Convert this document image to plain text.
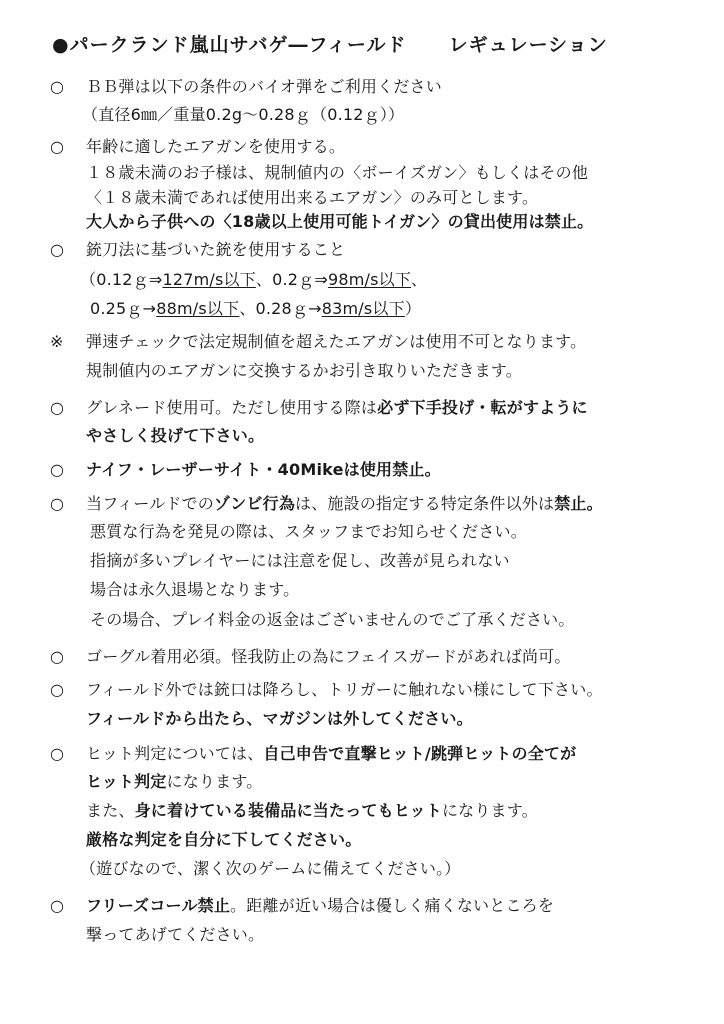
●パークランド嵐山サバゲ―フィールド レギュレーション
○ ＢＢ弾は以下の条件のバイオ弾をご利用ください
（直径6㎜／重量0.2g～0.28ｇ（0.12ｇ））
○ 年齢に適したエアガンを使用する。
１８歳未満のお子様は、規制値内の〈ボーイズガン〉もしくはその他
〈１８歳未満であれば使用出来るエアガン〉のみ可とします。
大人から子供への〈18歳以上使用可能トイガン〉の貸出使用は禁止。
○ 銃刀法に基づいた銃を使用すること
（0.12ｇ⇒127m/s以下、0.2ｇ⇒98m/s以下、
0.25ｇ→88m/s以下、0.28ｇ→83m/s以下）
※ 弾速チェックで法定規制値を超えたエアガンは使用不可となります。
規制値内のエアガンに交換するかお引き取りいただきます。
○ グレネード使用可。ただし使用する際は必ず下手投げ・転がすように
やさしく投げて下さい。
○ ナイフ・レーザーサイト・40Mikeは使用禁止。
○ 当フィールドでのゾンビ行為は、施設の指定する特定条件以外は禁止。
悪質な行為を発見の際は、スタッフまでお知らせください。
指摘が多いプレイヤーには注意を促し、改善が見られない
場合は永久退場となります。
その場合、プレイ料金の返金はございませんのでご了承ください。
○ ゴーグル着用必須。怪我防止の為にフェイスガードがあれば尚可。
○ フィールド外では銃口は降ろし、トリガーに触れない様にして下さい。
フィールドから出たら、マガジンは外してください。
○ ヒット判定については、自己申告で直撃ヒット/跳弾ヒットの全てが
ヒット判定になります。
また、身に着けている装備品に当たってもヒットになります。
厳格な判定を自分に下してください。
（遊びなので、潔く次のゲームに備えてください。）
○ フリーズコール禁止。距離が近い場合は優しく痛くないところを
撃ってあげてください。
